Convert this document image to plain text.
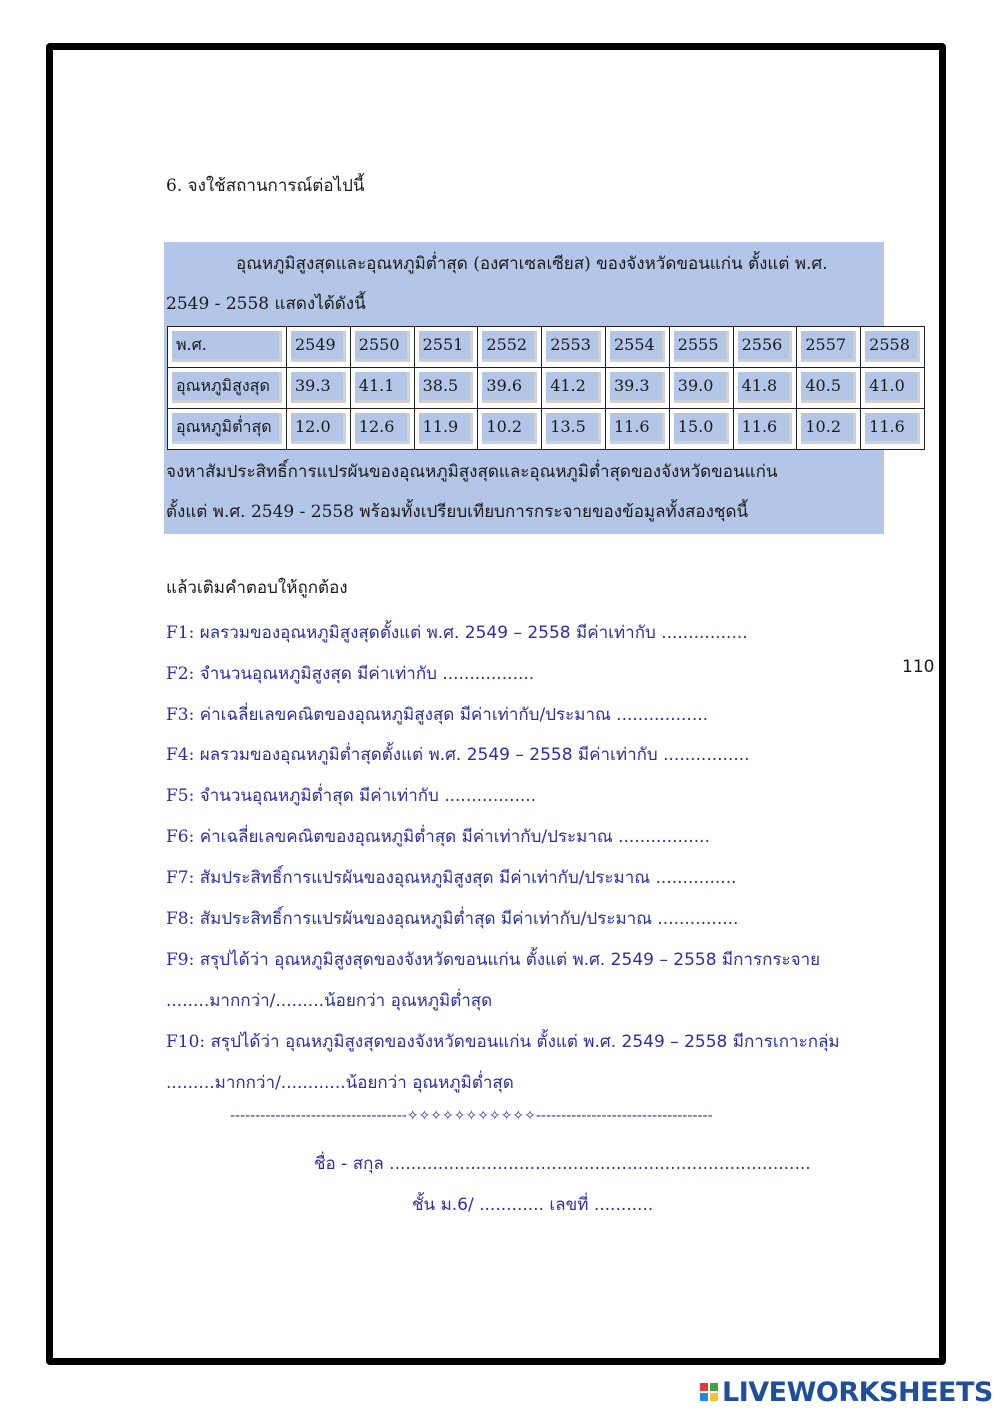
6. จงใช้สถานการณ์ต่อไปนี้
อุณหภูมิสูงสุดและอุณหภูมิต่ำสุด (องศาเซลเซียส) ของจังหวัดขอนแก่น ตั้งแต่ พ.ศ.
2549 - 2558 แสดงได้ดังนี้
จงหาสัมประสิทธิ์การแปรผันของอุณหภูมิสูงสุดและอุณหภูมิต่ำสุดของจังหวัดขอนแก่น
ตั้งแต่ พ.ศ. 2549 - 2558 พร้อมทั้งเปรียบเทียบการกระจายของข้อมูลทั้งสองชุดนี้
พ.ศ.	2549	2550	2551	2552	2553	2554	2555	2556	2557	2558

อุณหภูมิสูงสุด	39.3	41.1	38.5	39.6	41.2	39.3	39.0	41.8	40.5	41.0

อุณหภูมิต่ำสุด	12.0	12.6	11.9	10.2	13.5	11.6	15.0	11.6	10.2	11.6
แล้วเติมคำตอบให้ถูกต้อง
F1: ผลรวมของอุณหภูมิสูงสุดตั้งแต่ พ.ศ. 2549 – 2558 มีค่าเท่ากับ ................
F2: จำนวนอุณหภูมิสูงสุด มีค่าเท่ากับ .................
F3: ค่าเฉลี่ยเลขคณิตของอุณหภูมิสูงสุด มีค่าเท่ากับ/ประมาณ .................
F4: ผลรวมของอุณหภูมิต่ำสุดตั้งแต่ พ.ศ. 2549 – 2558 มีค่าเท่ากับ ................
F5: จำนวนอุณหภูมิต่ำสุด มีค่าเท่ากับ .................
F6: ค่าเฉลี่ยเลขคณิตของอุณหภูมิต่ำสุด มีค่าเท่ากับ/ประมาณ .................
F7: สัมประสิทธิ์การแปรผันของอุณหภูมิสูงสุด มีค่าเท่ากับ/ประมาณ ...............
F8: สัมประสิทธิ์การแปรผันของอุณหภูมิต่ำสุด มีค่าเท่ากับ/ประมาณ ...............
F9: สรุปได้ว่า อุณหภูมิสูงสุดของจังหวัดขอนแก่น ตั้งแต่ พ.ศ. 2549 – 2558 มีการกระจาย
........มากกว่า/.........น้อยกว่า อุณหภูมิต่ำสุด
F10: สรุปได้ว่า อุณหภูมิสูงสุดของจังหวัดขอนแก่น ตั้งแต่ พ.ศ. 2549 – 2558 มีการเกาะกลุ่ม
.........มากกว่า/............น้อยกว่า อุณหภูมิต่ำสุด
110
-----------------------------------✧✧✧✧✧✧✧✧✧✧✧-----------------------------------
ชื่อ - สกุล ..............................................................................
ชั้น ม.6/ ............ เลขที่ ...........
LIVEWORKSHEETS
